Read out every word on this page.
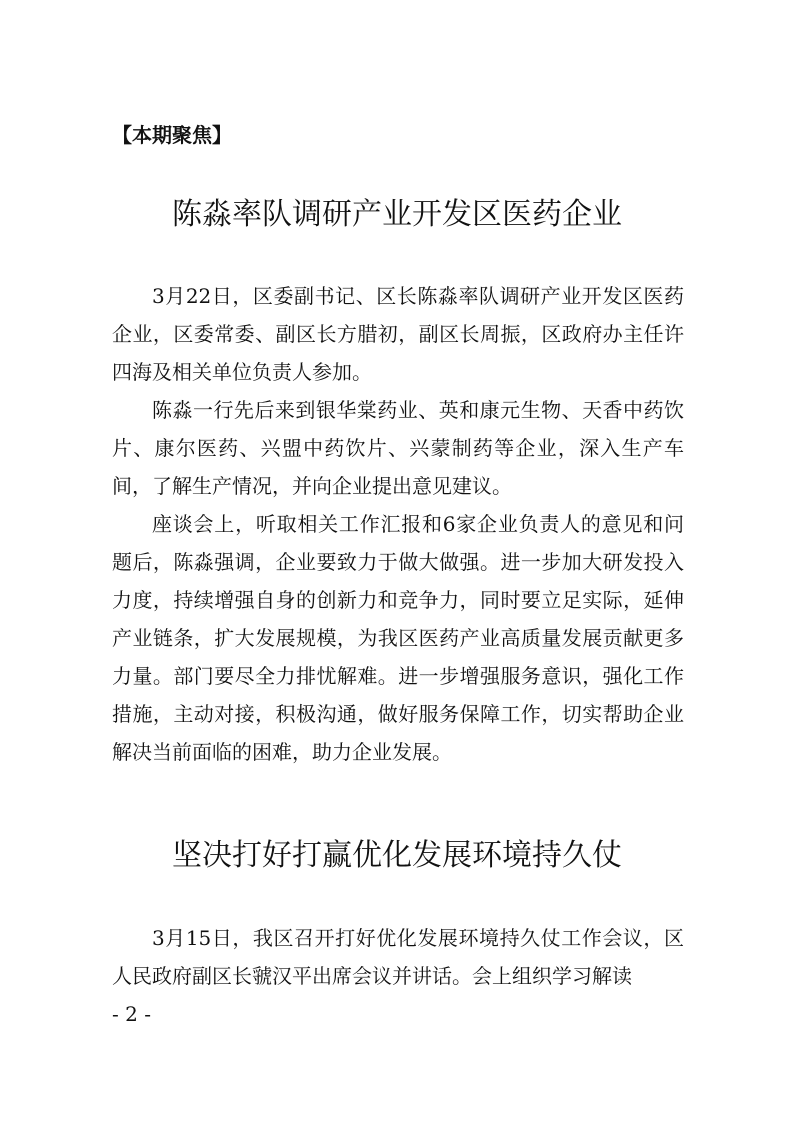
【本期聚焦】
陈淼率队调研产业开发区医药企业

3月22日，区委副书记、区长陈淼率队调研产业开发区医药企业，区委常委、副区长方腊初，副区长周振，区政府办主任许四海及相关单位负责人参加。

陈淼一行先后来到银华棠药业、英和康元生物、天香中药饮片、康尔医药、兴盟中药饮片、兴蒙制药等企业，深入生产车间，了解生产情况，并向企业提出意见建议。

座谈会上，听取相关工作汇报和6家企业负责人的意见和问题后，陈淼强调，企业要致力于做大做强。进一步加大研发投入力度，持续增强自身的创新力和竞争力，同时要立足实际，延伸产业链条，扩大发展规模，为我区医药产业高质量发展贡献更多力量。部门要尽全力排忧解难。进一步增强服务意识，强化工作措施，主动对接，积极沟通，做好服务保障工作，切实帮助企业解决当前面临的困难，助力企业发展。

坚决打好打赢优化发展环境持久仗

3月15日，我区召开打好优化发展环境持久仗工作会议，区人民政府副区长虢汉平出席会议并讲话。会上组织学习解读

- 2 -
